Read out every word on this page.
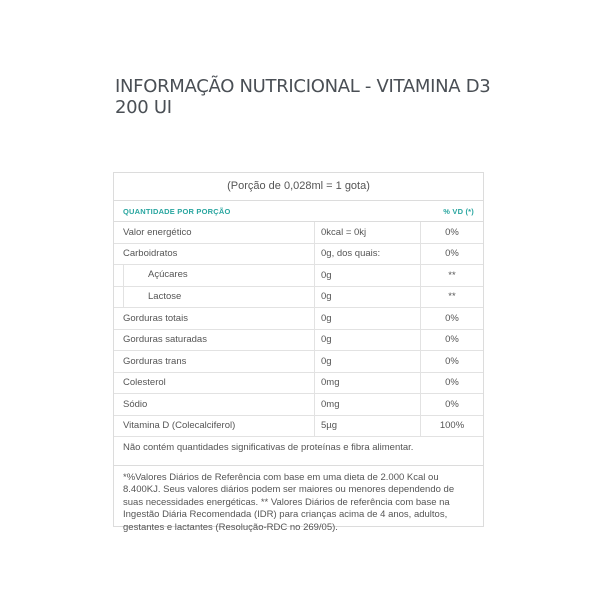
INFORMAÇÃO NUTRICIONAL - VITAMINA D3 200 UI
(Porção de 0,028ml = 1 gota)
QUANTIDADE POR PORÇÃO	% VD (*)
Valor energético	0kcal = 0kj	0%
Carboidratos	0g, dos quais:	0%

Açúcares	0g	**

Lactose	0g	**
Gorduras totais	0g	0%
Gorduras saturadas	0g	0%
Gorduras trans	0g	0%
Colesterol	0mg	0%
Sódio	0mg	0%
Vitamina D (Colecalciferol)	5µg	100%
Não contém quantidades significativas de proteínas e fibra alimentar.
*%Valores Diários de Referência com base em uma dieta de 2.000 Kcal ou 8.400KJ. Seus valores diários podem ser maiores ou menores dependendo de suas necessidades energéticas. ** Valores Diários de referência com base na Ingestão Diária Recomendada (IDR) para crianças acima de 4 anos, adultos, gestantes e lactantes (Resolução-RDC no 269/05).
